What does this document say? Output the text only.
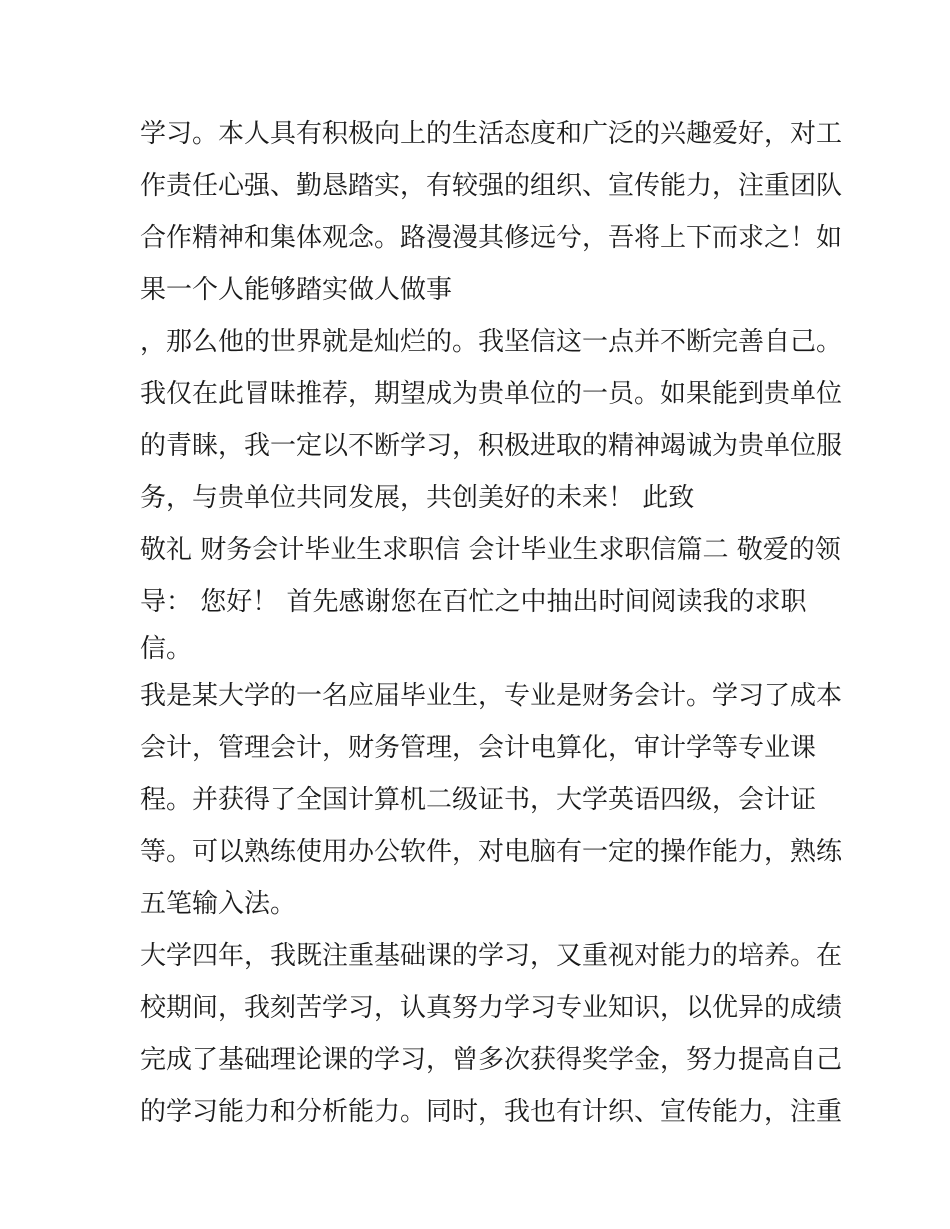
学习。本人具有积极向上的生活态度和广泛的兴趣爱好，对工

作责任心强、勤恳踏实，有较强的组织、宣传能力，注重团队

合作精神和集体观念。路漫漫其修远兮，吾将上下而求之！如

果一个人能够踏实做人做事

，那么他的世界就是灿烂的。我坚信这一点并不断完善自己。

我仅在此冒昧推荐，期望成为贵单位的一员。如果能到贵单位

的青睐，我一定以不断学习，积极进取的精神竭诚为贵单位服

务，与贵单位共同发展，共创美好的未来！ 此致

敬礼 财务会计毕业生求职信 会计毕业生求职信篇二 敬爱的领

导： 您好！ 首先感谢您在百忙之中抽出时间阅读我的求职

信。

我是某大学的一名应届毕业生，专业是财务会计。学习了成本

会计，管理会计，财务管理，会计电算化，审计学等专业课

程。并获得了全国计算机二级证书，大学英语四级，会计证

等。可以熟练使用办公软件，对电脑有一定的操作能力，熟练

五笔输入法。

大学四年，我既注重基础课的学习，又重视对能力的培养。在

校期间，我刻苦学习，认真努力学习专业知识，以优异的成绩

完成了基础理论课的学习，曾多次获得奖学金，努力提高自己

的学习能力和分析能力。同时，我也有计织、宣传能力，注重
